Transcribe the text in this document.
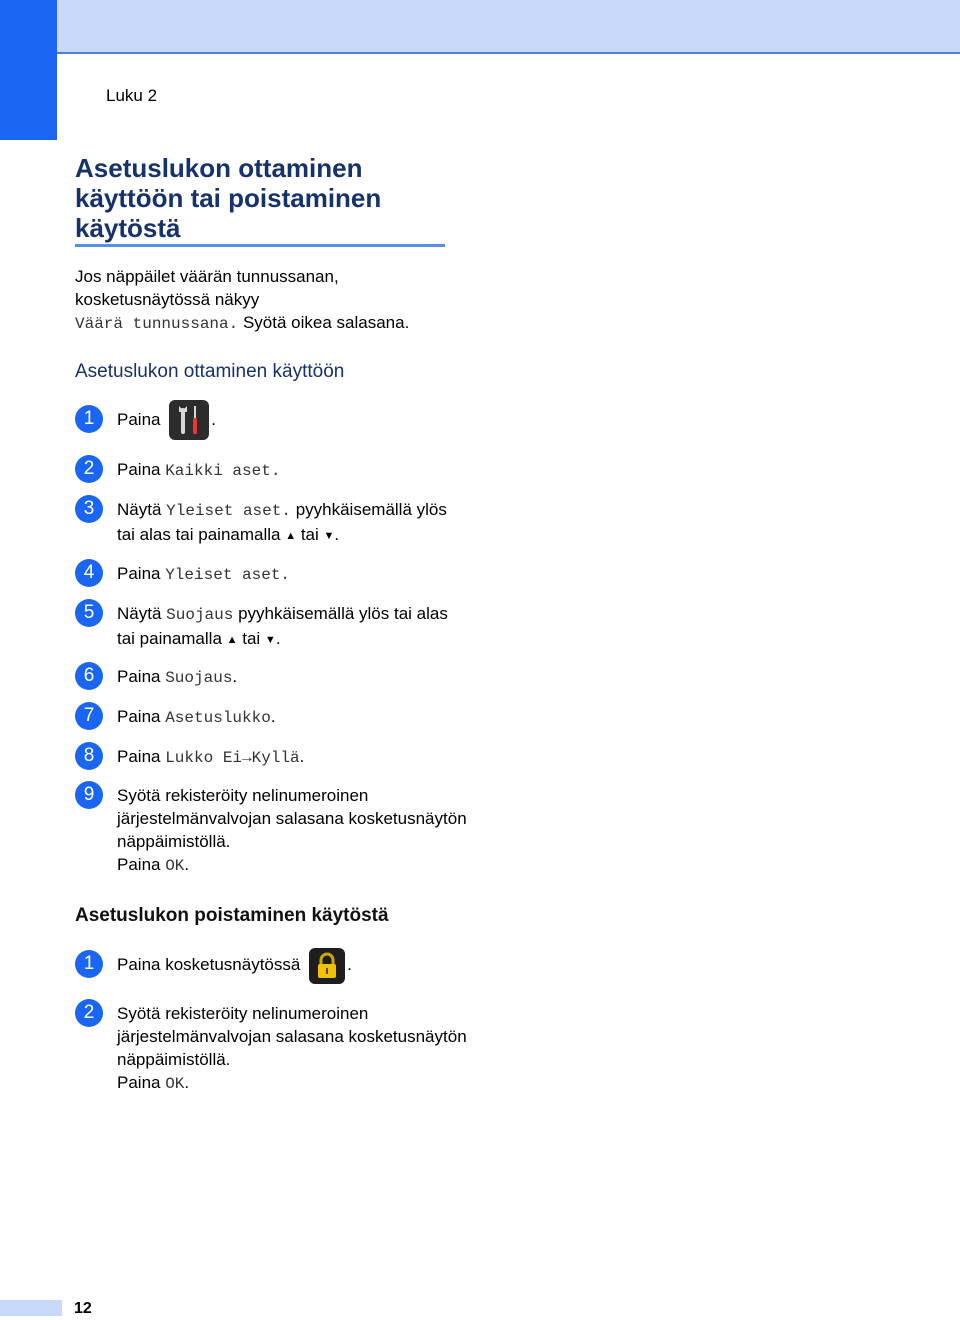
Luku 2
Asetuslukon ottaminen käyttöön tai poistaminen käytöstä
Jos näppäilet väärän tunnussanan, kosketusnäytössä näkyy
Väärä tunnussana. Syötä oikea salasana.
Asetuslukon ottaminen käyttöön
1	Paina	.
2	Paina Kaikki aset.
3	Näytä Yleiset aset. pyyhkäisemällä ylös tai alas tai painamalla ▲ tai ▼.
4	Paina Yleiset aset.
5	Näytä Suojaus pyyhkäisemällä ylös tai alas tai painamalla ▲ tai ▼.
6	Paina Suojaus.
7	Paina Asetuslukko.
8	Paina Lukko Ei→Kyllä.
9	Syötä rekisteröity nelinumeroinen järjestelmänvalvojan salasana kosketusnäytön näppäimistöllä.
Paina OK.
Asetuslukon poistaminen käytöstä
1	Paina kosketusnäytössä	.
2	Syötä rekisteröity nelinumeroinen järjestelmänvalvojan salasana kosketusnäytön näppäimistöllä.
Paina OK.
12
